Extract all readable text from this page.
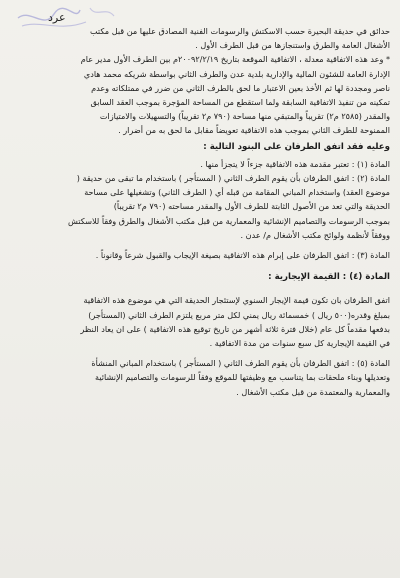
عرد
حدائق في حديقة البحيرة حسب الاسكتش والرسومات الفنية المصادق عليها من قبل مكتب
الأشغال العامة والطرق واستنجازها من قبل الطرف الأول .
* وعد هذه الاتفاقية معدلة ، الاتفاقية الموقعة بتاريخ ٢٠٠٩٢/٢/١٩م بين الطرف الأول مدير عام
الإدارة العامة للشئون المالية والإدارية بلدية عدن والطرف الثاني بواسطة شريكه محمد هادي
ناصر ومجددة لها ثم الأخذ بعين الاعتبار ما لحق بالطرف الثاني من ضرر في ممتلكاته وعدم
تمكينه من تنفيذ الاتفاقية السابقة ولما استقطع من المساحة المؤجرة بموجب العقد السابق
والمقدر (٢٥٨٥ م٢) تقريباً والمتبقي منها مساحة (٧٩٠ م٢ تقريباً) والتسهيلات والامتيازات
الممنوحة للطرف الثاني بموجب هذه الاتفاقية تعويضاً مقابل ما لحق به من أضرار .
وعليه فقد اتفق الطرفان على البنود التالية :
المادة (١) : تعتبر مقدمة هذه الاتفاقية جزءاً لا يتجزأ منها .
المادة (٢) : اتفق الطرفان بأن يقوم الطرف الثاني ( المستأجر ) باستخدام ما تبقى من حديقة (
موضوع العقد) واستخدام المباني المقامة من قبله أي ( الطرف الثاني) وتشغيلها على مساحة
الحديقة والتي تعد من الأصول الثابتة للطرف الأول والمقدر مساحته (٧٩٠ م٢ تقريباً)
بموجب الرسومات والتصاميم الإنشائية والمعمارية من قبل مكتب الأشغال والطرق وفقاً للاسكتش
ووفقاً لأنظمة ولوائح مكتب الأشغال م/ عدن .
المادة (٣) : اتفق الطرفان على إبرام هذه الاتفاقية بصيغة الإيجاب والقبول شرعاً وقانوناً .
المادة (٤) : القيمة الإيجارية :
اتفق الطرفان بان تكون قيمة الإيجار السنوي لإستئجار الحديقة التي هي موضوع هذه الاتفاقية
بمبلغ وقدره(٥٠٠ ريال ) خمسمائة ريال يمني لكل متر مربع يلتزم الطرف الثاني (المستأجر)
بدفعها مقدماً كل عام (خلال فترة ثلاثة أشهر من تاريخ توقيع هذه الاتفاقية ) على ان يعاد النظر
في القيمة الإيجارية كل سبع سنوات من مدة الاتفاقية .
المادة (٥) : اتفق الطرفان بأن يقوم الطرف الثاني ( المستأجر ) باستخدام المباني المنشأة
وتعديلها وبناء ملحقات بما يتناسب مع وظيفتها للموقع وفقاً للرسومات والتصاميم الإنشائية
والمعمارية والمعتمدة من قبل مكتب الأشغال .
